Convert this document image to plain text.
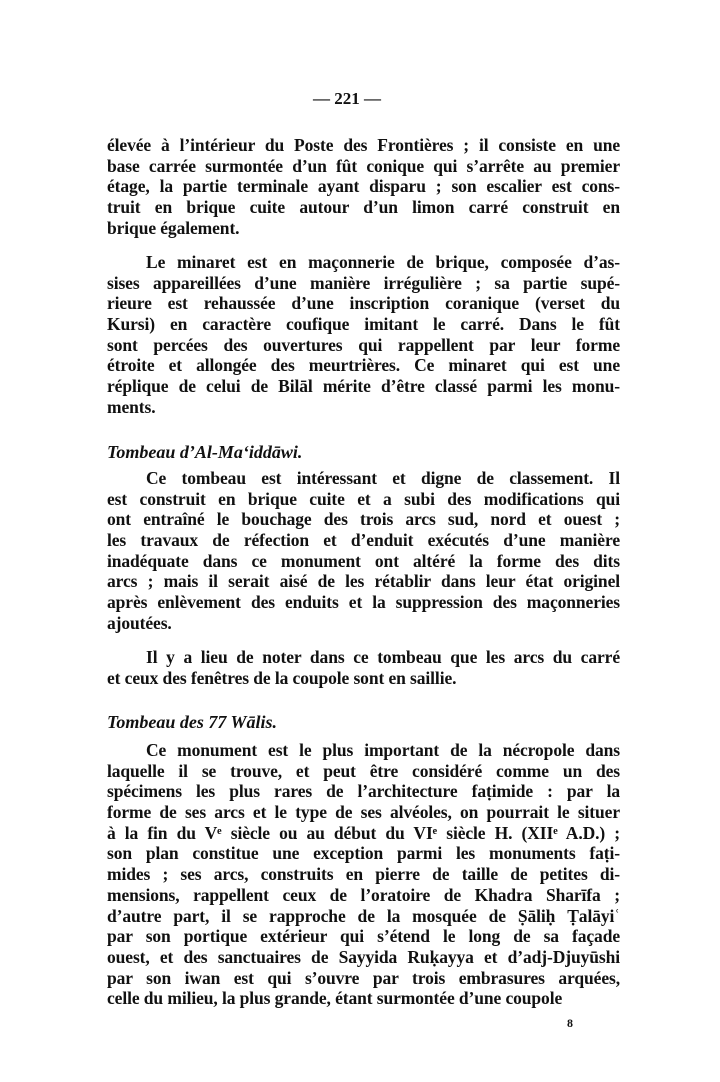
— 221 —
élevée à l’intérieur du Poste des Frontières ; il consiste en une
base carrée surmontée d’un fût conique qui s’arrête au premier
étage, la partie terminale ayant disparu ; son escalier est cons-
truit en brique cuite autour d’un limon carré construit en
brique également.
Le minaret est en maçonnerie de brique, composée d’as-
sises appareillées d’une manière irrégulière ; sa partie supé-
rieure est rehaussée d’une inscription coranique (verset du
Kursi) en caractère coufique imitant le carré. Dans le fût
sont percées des ouvertures qui rappellent par leur forme
étroite et allongée des meurtrières. Ce minaret qui est une
réplique de celui de Bilāl mérite d’être classé parmi les monu-
ments.
Tombeau d’Al-Ma‘iddāwi.
Ce tombeau est intéressant et digne de classement. Il
est construit en brique cuite et a subi des modifications qui
ont entraîné le bouchage des trois arcs sud, nord et ouest ;
les travaux de réfection et d’enduit exécutés d’une manière
inadéquate dans ce monument ont altéré la forme des dits
arcs ; mais il serait aisé de les rétablir dans leur état originel
après enlèvement des enduits et la suppression des maçonneries
ajoutées.
Il y a lieu de noter dans ce tombeau que les arcs du carré
et ceux des fenêtres de la coupole sont en saillie.
Tombeau des 77 Wālis.
Ce monument est le plus important de la nécropole dans
laquelle il se trouve, et peut être considéré comme un des
spécimens les plus rares de l’architecture faṭimide : par la
forme de ses arcs et le type de ses alvéoles, on pourrait le situer
à la fin du Vᵉ siècle ou au début du VIᵉ siècle H. (XIIᵉ A.D.) ;
son plan constitue une exception parmi les monuments faṭi-
mides ; ses arcs, construits en pierre de taille de petites di-
mensions, rappellent ceux de l’oratoire de Khadra Sharīfa ;
d’autre part, il se rapproche de la mosquée de Ṣāliḥ Ṭalāyiʿ
par son portique extérieur qui s’étend le long de sa façade
ouest, et des sanctuaires de Sayyida Ruḳayya et d’adj-Djuyūshi
par son iwan est qui s’ouvre par trois embrasures arquées,
celle du milieu, la plus grande, étant surmontée d’une coupole
8
